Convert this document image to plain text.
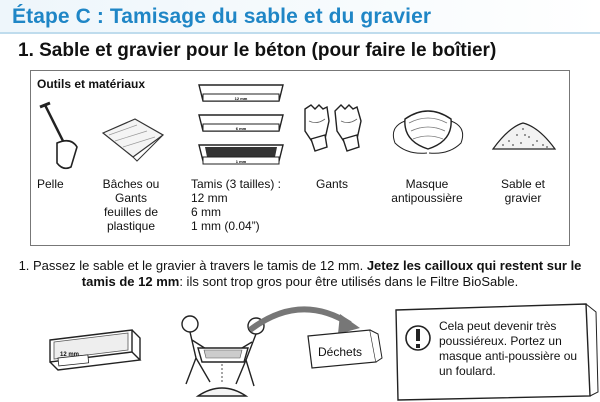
Étape C : Tamisage du sable et du gravier
1. Sable et gravier pour le béton (pour faire le boîtier)
Outils et matériaux
Pelle	Bâches ou
Gants
feuilles de
plastique
12 mm
6 mm
1 mm
Tamis (3 tailles) :
12 mm
6 mm
1 mm (0.04”)
Gants	Masque
antipoussière
Sable et
gravier
1. Passez le sable et le gravier à travers le tamis de 12 mm. Jetez les cailloux qui restent sur le tamis de 12 mm: ils sont trop gros pour être utilisés dans le Filtre BioSable.
12 mm	Déchets
Cela peut devenir très poussiéreux. Portez un masque anti-poussière ou un foulard.
